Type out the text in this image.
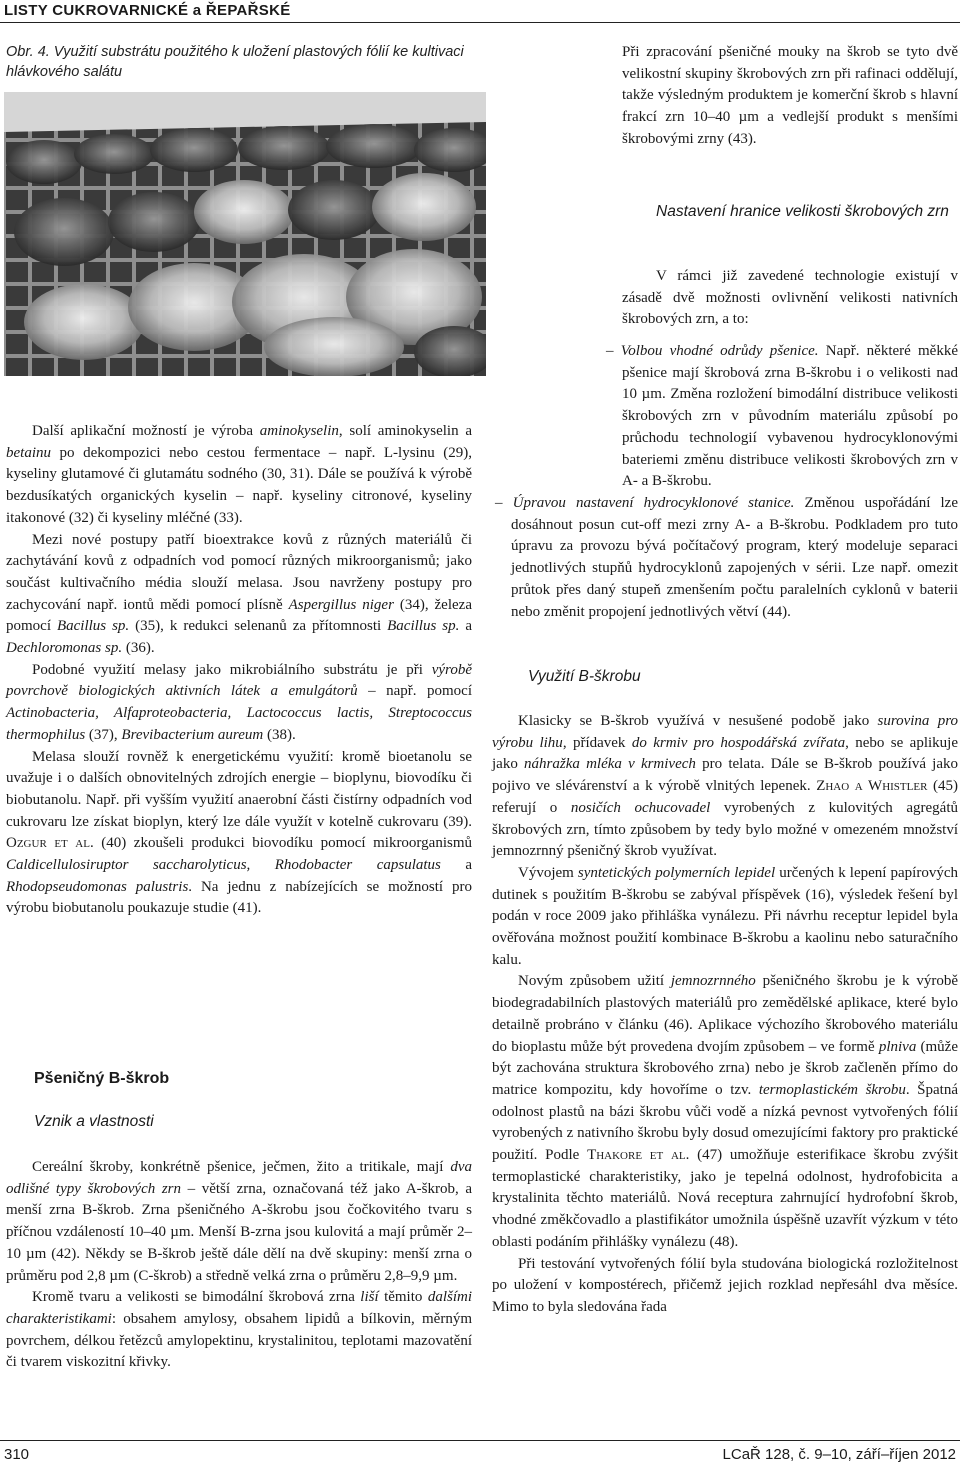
LISTY CUKROVARNICKÉ a ŘEPAŘSKÉ
Obr. 4. Využití substrátu použitého k uložení plastových fólií ke kultivaci hlávkového salátu

Při zpracování pšeničné mouky na škrob se tyto dvě velikostní skupiny škrobových zrn při rafinaci oddělují, takže výsledným produktem je komerční škrob s hlavní frakcí zrn 10–40 µm a vedlejší produkt s menšími škrobovými zrny (43).

Nastavení hranice velikosti škrobových zrn

V rámci již zavedené technologie existují v zásadě dvě možnosti ovlivnění velikosti nativních škrobových zrn, a to:

– Volbou vhodné odrůdy pšenice. Např. některé měkké pšenice mají škrobová zrna B-škrobu i o velikosti nad 10 µm. Změna rozložení bimodální distribuce velikosti škrobových zrn v původním materiálu způsobí po průchodu technologií vybavenou hydrocyklonovými bateriemi změnu distribuce velikosti škrobových zrn v A- a B-škrobu.

– Úpravou nastavení hydrocyklonové stanice. Změnou uspořádání lze dosáhnout posun cut-off mezi zrny A- a B-škrobu. Podkladem pro tuto úpravu za provozu bývá počítačový program, který modeluje separaci jednotlivých stupňů hydrocyklonů zapojených v sérii. Lze např. omezit průtok přes daný stupeň zmenšením počtu paralelních cyklonů v baterii nebo změnit propojení jednotlivých větví (44).

Využití B-škrobu

Klasicky se B-škrob využívá v nesušené podobě jako surovina pro výrobu lihu, přídavek do krmiv pro hospodářská zvířata, nebo se aplikuje jako náhražka mléka v krmivech pro telata. Dále se B-škrob používá jako pojivo ve slévárenství a k výrobě vlnitých lepenek. Zhao a Whistler (45) referují o nosičích ochucovadel vyrobených z kulovitých agregátů škrobových zrn, tímto způsobem by tedy bylo možné v omezeném množství jemnozrnný pšeničný škrob využívat.

Vývojem syntetických polymerních lepidel určených k lepení papírových dutinek s použitím B-škrobu se zabýval příspěvek (16), výsledek řešení byl podán v roce 2009 jako přihláška vynálezu. Při návrhu receptur lepidel byla ověřována možnost použití kombinace B-škrobu a kaolinu nebo saturačního kalu.

Novým způsobem užití jemnozrnného pšeničného škrobu je k výrobě biodegradabilních plastových materiálů pro zemědělské aplikace, které bylo detailně probráno v článku (46). Aplikace výchozího škrobového materiálu do bioplastu může být provedena dvojím způsobem – ve formě plniva (může být zachována struktura škrobového zrna) nebo je škrob začleněn přímo do matrice kompozitu, kdy hovoříme o tzv. termoplastickém škrobu. Špatná odolnost plastů na bázi škrobu vůči vodě a nízká pevnost vytvořených fólií vyrobených z nativního škrobu byly dosud omezujícími faktory pro praktické použití. Podle Thakore et al. (47) umožňuje esterifikace škrobu zvýšit termoplastické charakteristiky, jako je tepelná odolnost, hydrofobicita a krystalinita těchto materiálů. Nová receptura zahrnující hydrofobní škrob, vhodné změkčovadlo a plastifikátor umožnila úspěšně uzavřít výzkum v této oblasti podáním přihlášky vynálezu (48).

Při testování vytvořených fólií byla studována biologická rozložitelnost po uložení v kompostérech, přičemž jejich rozklad nepřesáhl dva měsíce. Mimo to byla sledována řada

Další aplikační možností je výroba aminokyselin, solí aminokyselin a betainu po dekompozici nebo cestou fermentace – např. L-lysinu (29), kyseliny glutamové či glutamátu sodného (30, 31). Dále se používá k výrobě bezdusíkatých organických kyselin – např. kyseliny citronové, kyseliny itakonové (32) či kyseliny mléčné (33).

Mezi nové postupy patří bioextrakce kovů z různých materiálů či zachytávání kovů z odpadních vod pomocí různých mikroorganismů; jako součást kultivačního média slouží melasa. Jsou navrženy postupy pro zachycování např. iontů mědi pomocí plísně Aspergillus niger (34), železa pomocí Bacillus sp. (35), k redukci selenanů za přítomnosti Bacillus sp. a Dechloromonas sp. (36).

Podobné využití melasy jako mikrobiálního substrátu je při výrobě povrchově biologických aktivních látek a emulgátorů – např. pomocí Actinobacteria, Alfaproteobacteria, Lactococcus lactis, Streptococcus thermophilus (37), Brevibacterium aureum (38).

Melasa slouží rovněž k energetickému využití: kromě bioetanolu se uvažuje i o dalších obnovitelných zdrojích energie – bioplynu, biovodíku či biobutanolu. Např. při vyšším využití anaerobní části čistírny odpadních vod cukrovaru lze získat bioplyn, který lze dále využít v kotelně cukrovaru (39). Ozgur et al. (40) zkoušeli produkci biovodíku pomocí mikroorganismů Caldicellulosiruptor saccharolyticus, Rhodobacter capsulatus a Rhodopseudomonas palustris. Na jednu z nabízejících se možností pro výrobu biobutanolu poukazuje studie (41).

Pšeničný B-škrob
Vznik a vlastnosti

Cereální škroby, konkrétně pšenice, ječmen, žito a tritikale, mají dva odlišné typy škrobových zrn – větší zrna, označovaná též jako A-škrob, a menší zrna B-škrob. Zrna pšeničného A-škrobu jsou čočkovitého tvaru s příčnou vzdáleností 10–40 µm. Menší B-zrna jsou kulovitá a mají průměr 2–10 µm (42). Někdy se B-škrob ještě dále dělí na dvě skupiny: menší zrna o průměru pod 2,8 µm (C-škrob) a středně velká zrna o průměru 2,8–9,9 µm.

Kromě tvaru a velikosti se bimodální škrobová zrna liší těmito dalšími charakteristikami: obsahem amylosy, obsahem lipidů a bílkovin, měrným povrchem, délkou řetězců amylopektinu, krystalinitou, teplotami mazovatění či tvarem viskozitní křivky.

310	LCaŘ 128, č. 9–10, září–říjen 2012
